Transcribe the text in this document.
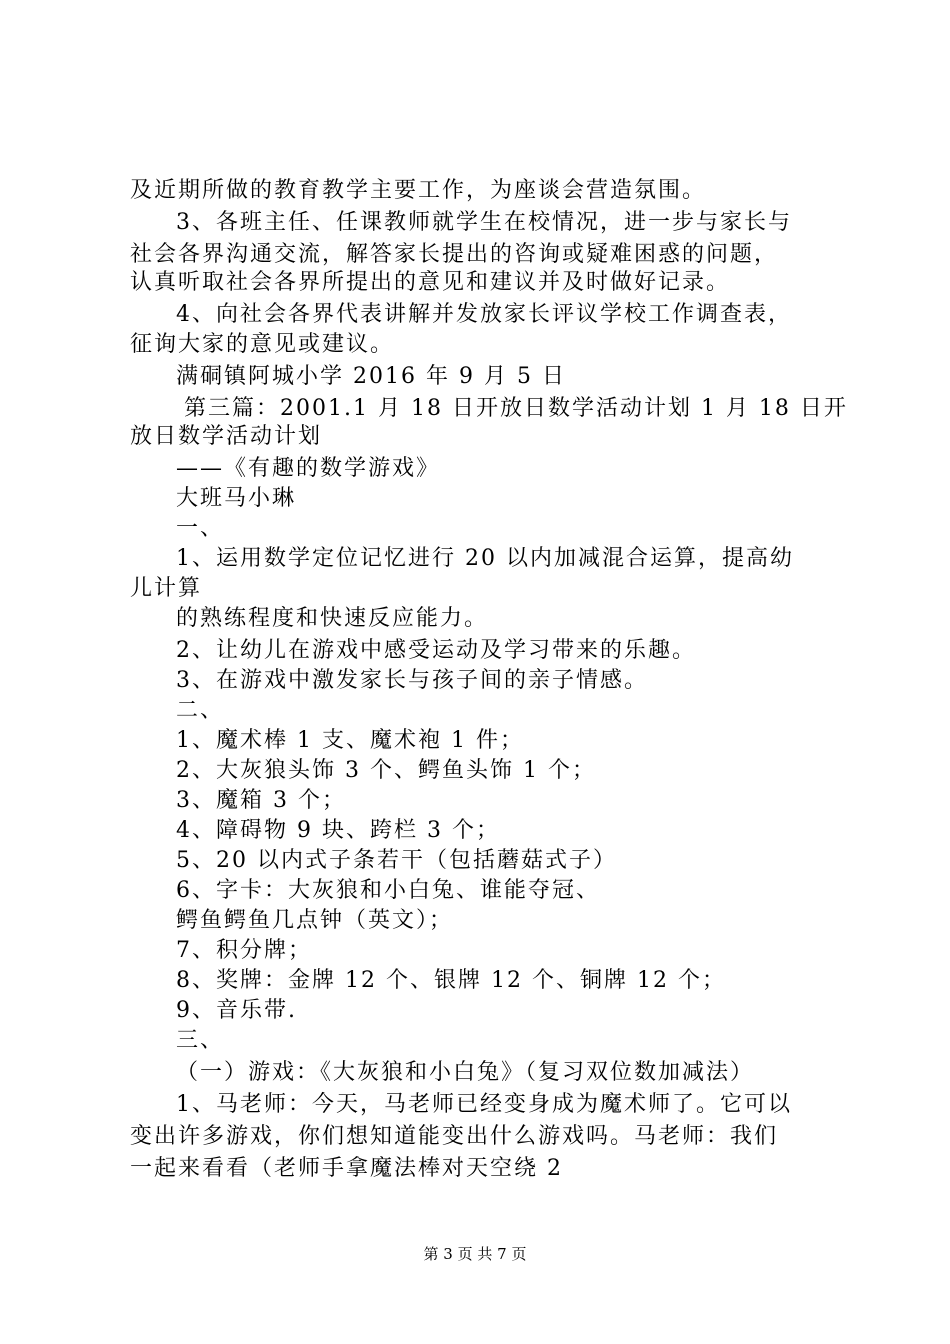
及近期所做的教育教学主要工作，为座谈会营造氛围。
3、各班主任、任课教师就学生在校情况，进一步与家长与
社会各界沟通交流，解答家长提出的咨询或疑难困惑的问题，
认真听取社会各界所提出的意见和建议并及时做好记录。
4、向社会各界代表讲解并发放家长评议学校工作调查表，
征询大家的意见或建议。
满硐镇阿城小学 2016 年 9 月 5 日
第三篇：2001.1 月 18 日开放日数学活动计划 1 月 18 日开
放日数学活动计划
——《有趣的数学游戏》
大班马小琳
一、
1、运用数学定位记忆进行 20 以内加减混合运算，提高幼
儿计算
的熟练程度和快速反应能力。
2、让幼儿在游戏中感受运动及学习带来的乐趣。
3、在游戏中激发家长与孩子间的亲子情感。
二、
1、魔术棒 1 支、魔术袍 1 件；
2、大灰狼头饰 3 个、鳄鱼头饰 1 个；
3、魔箱 3 个；
4、障碍物 9 块、跨栏 3 个；
5、20 以内式子条若干（包括蘑菇式子）
6、字卡：大灰狼和小白兔、谁能夺冠、
鳄鱼鳄鱼几点钟（英文）；
7、积分牌；
8、奖牌：金牌 12 个、银牌 12 个、铜牌 12 个；
9、音乐带.
三、
（一）游戏：《大灰狼和小白兔》（复习双位数加减法）
1、马老师：今天，马老师已经变身成为魔术师了。它可以
变出许多游戏，你们想知道能变出什么游戏吗。马老师：我们
一起来看看（老师手拿魔法棒对天空绕 2
第 3 页 共 7 页
